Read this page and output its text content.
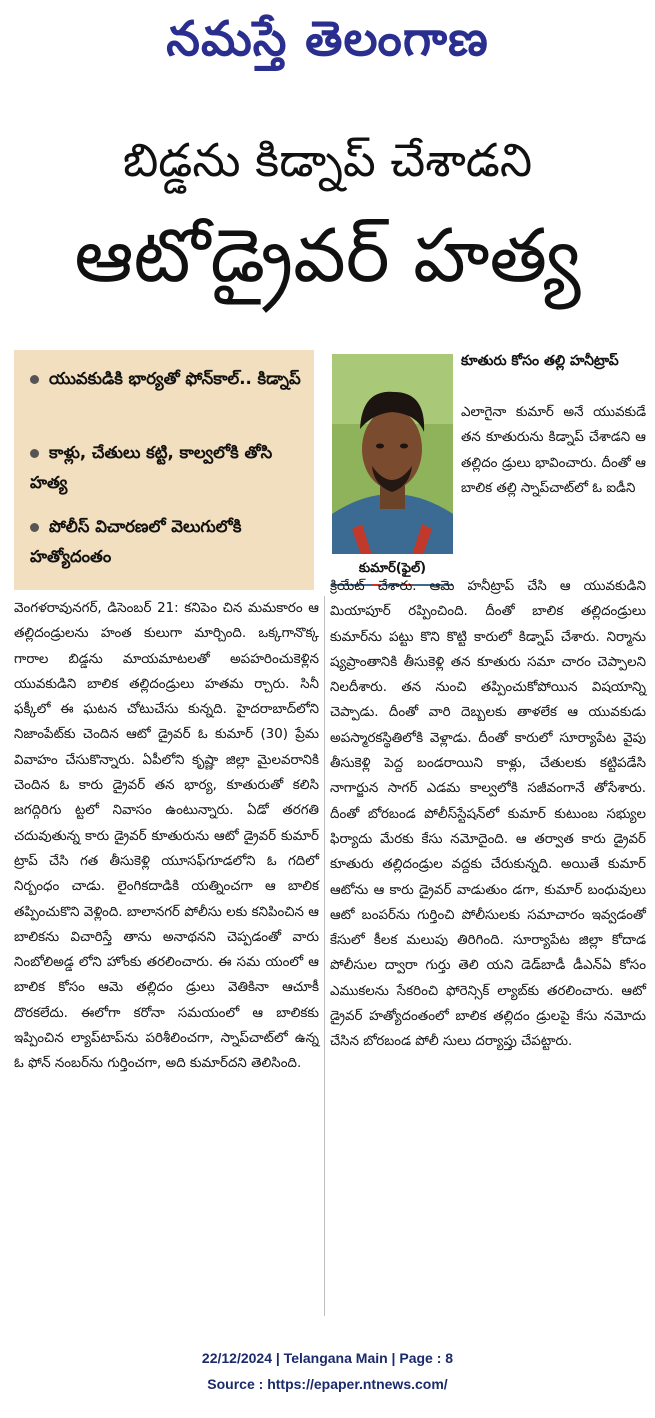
నమస్తే తెలంగాణ
బిడ్డను కిడ్నాప్ చేశాడని
ఆటోడ్రైవర్ హత్య
యువకుడికి భార్యతో ఫోన్‌కాల్.. కిడ్నాప్
కాళ్లు, చేతులు కట్టి, కాల్వలోకి తోసి హత్య
పోలీస్ విచారణలో వెలుగులోకి హత్యోదంతం
కుమార్(ఫైల్)
కూతురు కోసం తల్లి హనీట్రాప్
ఎలాగైనా కుమార్ అనే యువకుడే తన కూతురును కిడ్నాప్ చేశాడని ఆ తల్లిదం డ్రులు భావించారు. దీంతో ఆ బాలిక తల్లి స్నాప్‌చాట్‌లో ఓ ఐడీని
వెంగళరావునగర్, డిసెంబర్ 21: కనిపెం చిన మమకారం ఆ తల్లిదండ్రులను హంత కులుగా మార్చింది. ఒక్కగానొక్క గారాల బిడ్డను మాయమాటలతో అపహరించుకెళ్లిన యువకుడిని బాలిక తల్లిదండ్రులు హతమ ర్చారు. సినీ ఫక్కీలో ఈ ఘటన చోటుచేసు కున్నది. హైదరాబాద్‌లోని నిజాంపేట్‌కు చెందిన ఆటో డ్రైవర్ ఓ కుమార్ (30) ప్రేమ వివాహం చేసుకొన్నారు. ఏపీలోని కృష్ణా జిల్లా మైలవరానికి చెందిన ఓ కారు డ్రైవర్ తన భార్య, కూతురుతో కలిసి జగద్గిరిగు ట్టలో నివాసం ఉంటున్నారు. ఏడో తరగతి చదువుతున్న కారు డ్రైవర్ కూతురును ఆటో డ్రైవర్ కుమార్ ట్రాప్ చేసి గత తీసుకెళ్లి యూసఫ్‌గూడలోని ఓ గదిలో నిర్బంధం చాడు. లైంగికదాడికి యత్నించగా ఆ బాలిక తప్పించుకొని వెళ్లింది. బాలానగర్ పోలీసు లకు కనిపించిన ఆ బాలికను విచారిస్తే తాను అనాథనని చెప్పడంతో వారు నింబోలిఅడ్డ లోని హోంకు తరలించారు. ఈ సమ యంలో ఆ బాలిక కోసం ఆమె తల్లిదం డ్రులు వెతికినా ఆచూకీ దొరకలేదు. ఈలోగా కరోనా సమయంలో ఆ బాలికకు ఇప్పించిన ల్యాప్‌టాప్‌ను పరిశీలించగా, స్నాప్‌చాట్‌లో ఉన్న ఓ ఫోన్ నంబర్‌ను గుర్తించగా, అది కుమార్‌దని తెలిసింది.
క్రియేట్ చేశారు. ఆమె హనీట్రాప్ చేసి ఆ యువకుడిని మియాపూర్ రప్పించింది. దీంతో బాలిక తల్లిదండ్రులు కుమార్‌ను పట్టు కొని కొట్టి కారులో కిడ్నాప్ చేశారు. నిర్మాను ష్యప్రాంతానికి తీసుకెళ్లి తన కూతురు సమా చారం చెప్పాలని నిలదీశారు. తన నుంచి తప్పించుకోపోయిన విషయాన్ని చెప్పాడు. దీంతో వారి దెబ్బలకు తాళలేక ఆ యువకుడు అపస్మారకస్థితిలోకి వెళ్లాడు. దీంతో కారులో సూర్యాపేట వైపు తీసుకెళ్లి పెద్ద బండరాయిని కాళ్లు, చేతులకు కట్టిపడేసి నాగార్జున సాగర్ ఎడమ కాల్వలోకి సజీవంగానే తోసేశారు. దీంతో బోరబండ పోలీస్‌స్టేషన్‌లో కుమార్ కుటుంబ సభ్యుల ఫిర్యాదు మేరకు కేసు నమోదైంది. ఆ తర్వాత కారు డ్రైవర్ కూతురు తల్లిదండ్రుల వద్దకు చేరుకున్నది. అయితే కుమార్ ఆటోను ఆ కారు డ్రైవర్ వాడుతుం డగా, కుమార్ బంధువులు ఆటో బంపర్‌ను గుర్తించి పోలీసులకు సమాచారం ఇవ్వడంతో కేసులో కీలక మలుపు తిరిగింది. సూర్యాపేట జిల్లా కోదాడ పోలీసుల ద్వారా గుర్తు తెలి యని డెడ్‌బాడీ డీఎన్ఏ కోసం ఎముకలను సేకరించి ఫోరెన్సిక్ ల్యాబ్‌కు తరలించారు. ఆటో డ్రైవర్ హత్యోదంతంలో బాలిక తల్లిదం డ్రులపై కేసు నమోదు చేసిన బోరబండ పోలీ సులు దర్యాప్తు చేపట్టారు.
22/12/2024 | Telangana Main | Page : 8
Source : https://epaper.ntnews.com/
